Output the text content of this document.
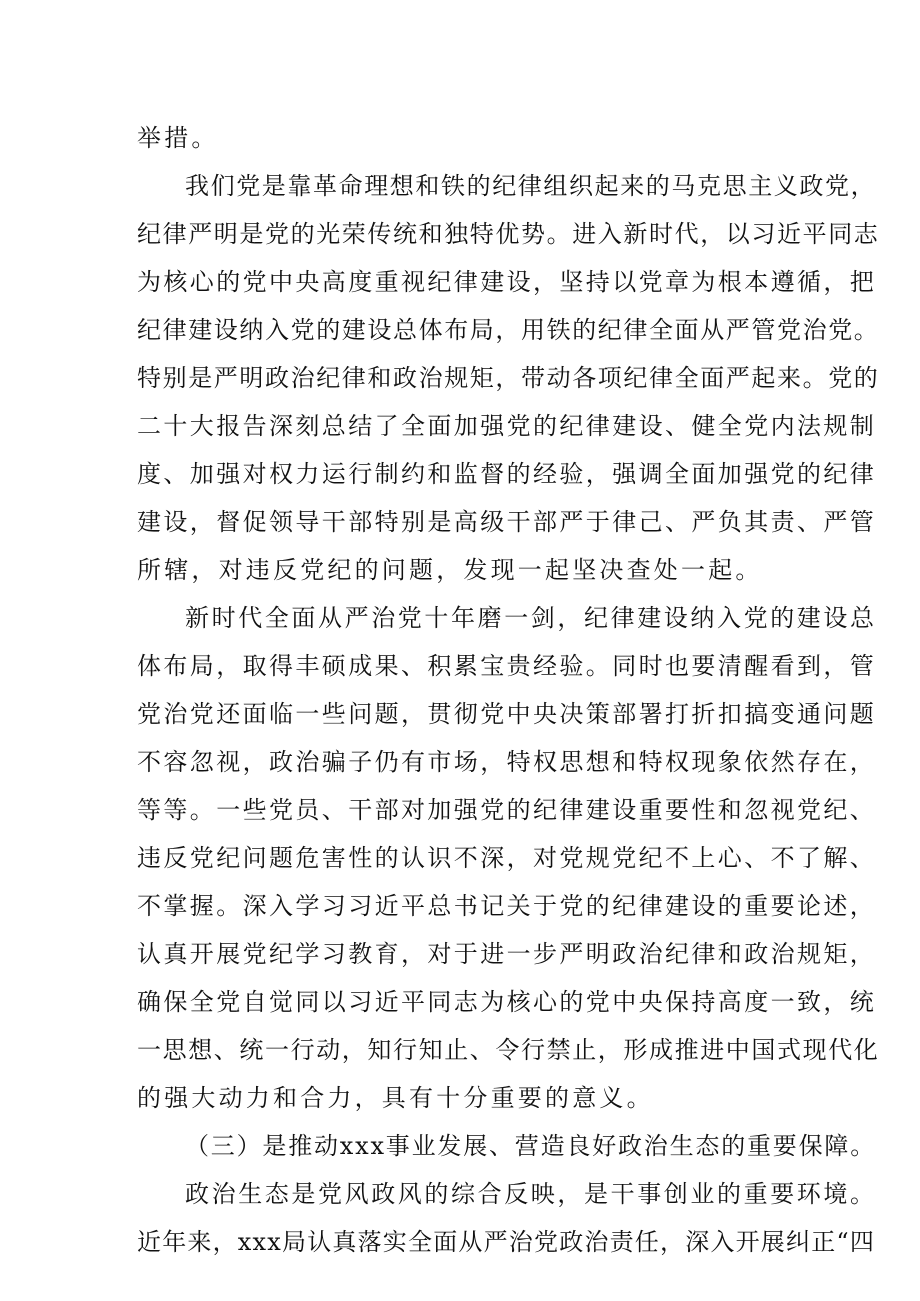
举措。
我们党是靠革命理想和铁的纪律组织起来的马克思主义政党，
纪律严明是党的光荣传统和独特优势。进入新时代，以习近平同志
为核心的党中央高度重视纪律建设，坚持以党章为根本遵循，把
纪律建设纳入党的建设总体布局，用铁的纪律全面从严管党治党。
特别是严明政治纪律和政治规矩，带动各项纪律全面严起来。党的
二十大报告深刻总结了全面加强党的纪律建设、健全党内法规制
度、加强对权力运行制约和监督的经验，强调全面加强党的纪律
建设，督促领导干部特别是高级干部严于律己、严负其责、严管
所辖，对违反党纪的问题，发现一起坚决查处一起。
新时代全面从严治党十年磨一剑，纪律建设纳入党的建设总
体布局，取得丰硕成果、积累宝贵经验。同时也要清醒看到，管
党治党还面临一些问题，贯彻党中央决策部署打折扣搞变通问题
不容忽视，政治骗子仍有市场，特权思想和特权现象依然存在，
等等。一些党员、干部对加强党的纪律建设重要性和忽视党纪、
违反党纪问题危害性的认识不深，对党规党纪不上心、不了解、
不掌握。深入学习习近平总书记关于党的纪律建设的重要论述，
认真开展党纪学习教育，对于进一步严明政治纪律和政治规矩，
确保全党自觉同以习近平同志为核心的党中央保持高度一致，统
一思想、统一行动，知行知止、令行禁止，形成推进中国式现代化
的强大动力和合力，具有十分重要的意义。
（三）是推动xxx事业发展、营造良好政治生态的重要保障。
政治生态是党风政风的综合反映，是干事创业的重要环境。
近年来，xxx局认真落实全面从严治党政治责任，深入开展纠正“四
